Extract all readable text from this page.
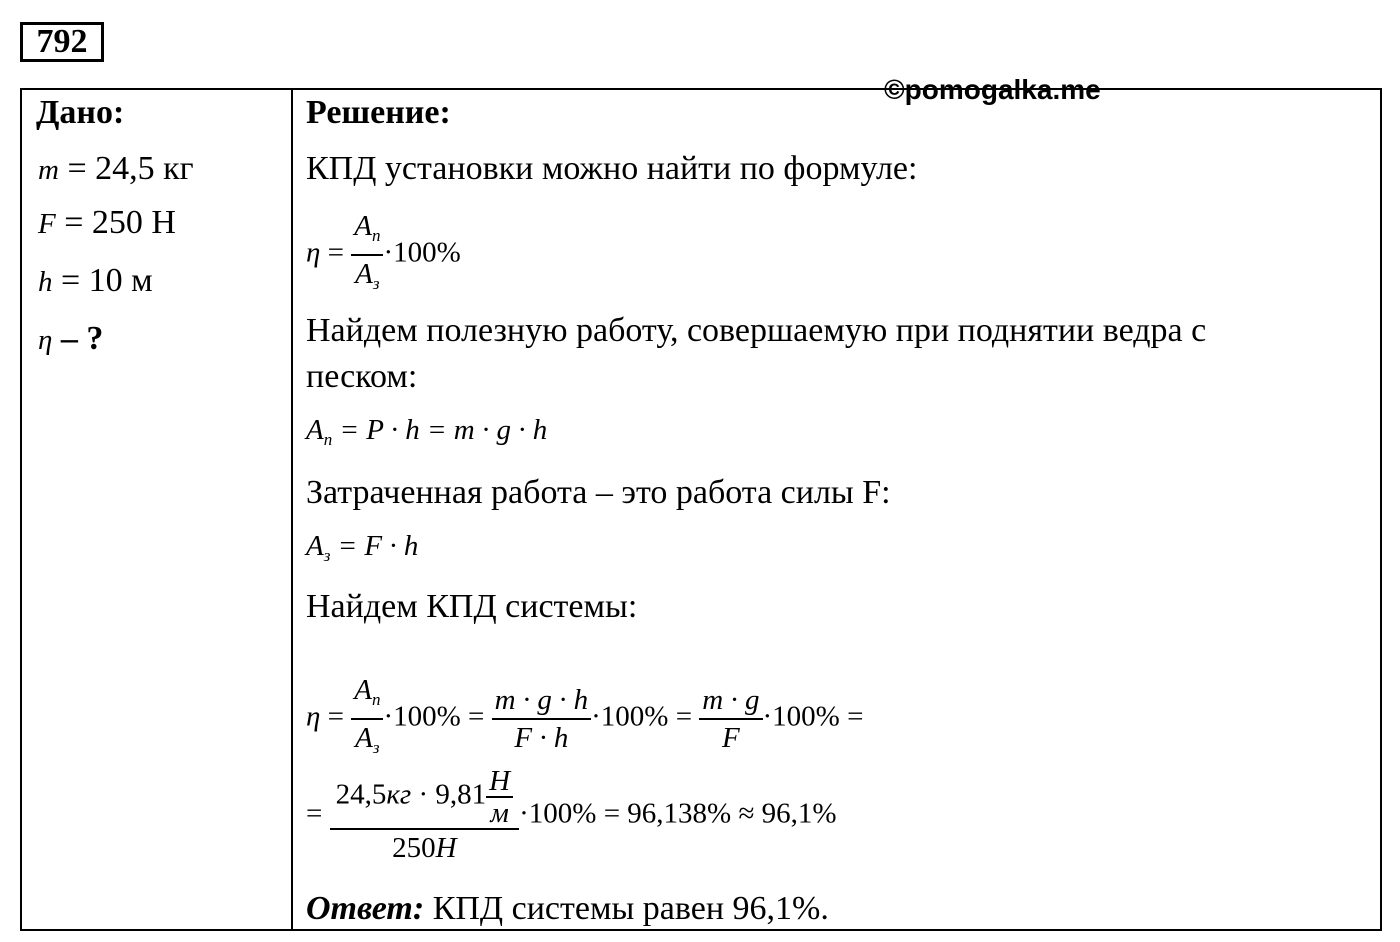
792
©pomogalka.me
Дано:
m = 24,5 кг
F = 250 Н
h = 10 м
η – ?
Решение:
КПД установки можно найти по формуле:
$\eta = \frac{A_п}{A_з} \cdot 100\%$
Найдем полезную работу, совершаемую при поднятии ведра с
песком:
$A_п = P \cdot h = m \cdot g \cdot h$
Затраченная работа – это работа силы F:
$A_з = F \cdot h$
Найдем КПД системы:
$\eta = \frac{A_п}{A_з} \cdot 100\% = \frac{m \cdot g \cdot h}{F \cdot h} \cdot 100\% = \frac{m \cdot g}{F} \cdot 100\%$ =
= $\frac{24,5кг \cdot 9,81 \frac{Н}{м}}{250Н} \cdot 100\% = 96,138\% \approx 96,1\%$
Ответ: КПД системы равен 96,1%.
